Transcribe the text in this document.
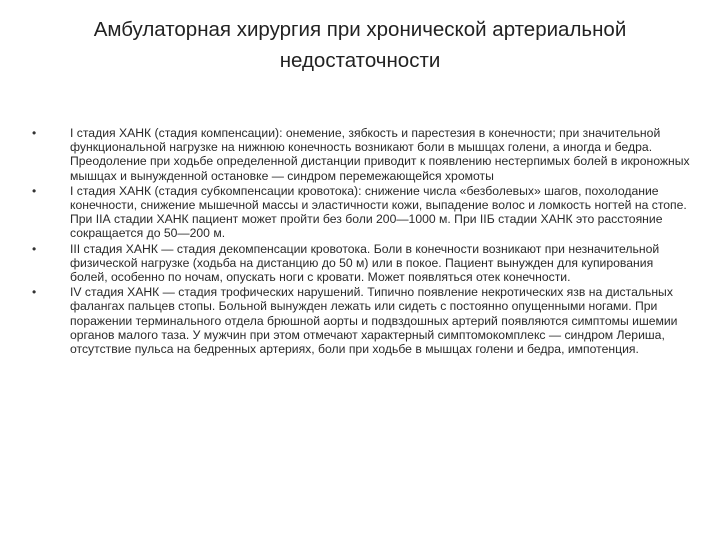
Амбулаторная хирургия при хронической артериальной недостаточности
•	I стадия ХАНК (стадия компенсации): онемение, зябкость и парестезия в конечности; при значительной функциональной нагрузке на нижнюю конечность возникают боли в мышцах голени, а иногда и бедра. Преодоление при ходьбе определенной дистанции приводит к появлению нестерпимых болей в икроножных мышцах и вынужденной остановке — синдром перемежающейся хромоты
•	I стадия ХАНК (стадия субкомпенсации кровотока): снижение числа «безболевых» шагов, похолодание конечности, снижение мышечной массы и эластичности кожи, выпадение волос и ломкость ногтей на стопе. При IIА стадии ХАНК пациент может пройти без боли 200—1000 м. При IIБ стадии ХАНК это расстояние сокращается до 50—200 м.
•	III стадия ХАНК — стадия декомпенсации кровотока. Боли в конечности возникают при незначительной физической нагрузке (ходьба на дистанцию до 50 м) или в покое. Пациент вынужден для купирования болей, особенно по ночам, опускать ноги с кровати. Может появляться отек конечности.
•	IV стадия ХАНК — стадия трофических нарушений. Типично появление некротических язв на дистальных фалангах пальцев стопы. Больной вынужден лежать или сидеть с постоянно опущенными ногами. При поражении терминального отдела брюшной аорты и подвздошных артерий появляются симптомы ишемии органов малого таза. У мужчин при этом отмечают характерный симптомокомплекс — синдром Лериша, отсутствие пульса на бедренных артериях, боли при ходьбе в мышцах голени и бедра, импотенция.
